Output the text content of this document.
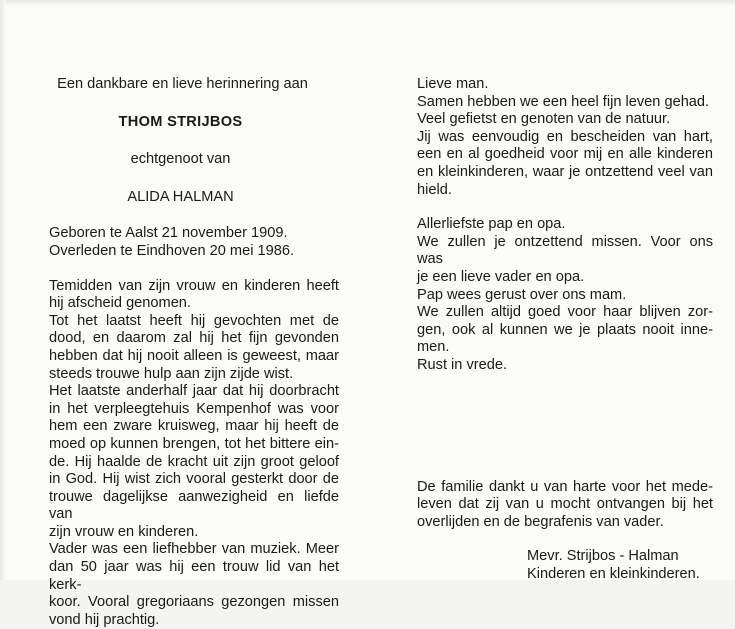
Een dankbare en lieve herinnering aan
THOM STRIJBOS
echtgenoot van
ALIDA HALMAN
Geboren te Aalst 21 november 1909.
Overleden te Eindhoven 20 mei 1986.
Temidden van zijn vrouw en kinderen heeft
hij afscheid genomen.
Tot het laatst heeft hij gevochten met de
dood, en daarom zal hij het fijn gevonden
hebben dat hij nooit alleen is geweest, maar
steeds trouwe hulp aan zijn zijde wist.
Het laatste anderhalf jaar dat hij doorbracht
in het verpleegtehuis Kempenhof was voor
hem een zware kruisweg, maar hij heeft de
moed op kunnen brengen, tot het bittere ein-
de. Hij haalde de kracht uit zijn groot geloof
in God. Hij wist zich vooral gesterkt door de
trouwe dagelijkse aanwezigheid en liefde van
zijn vrouw en kinderen.
Vader was een liefhebber van muziek. Meer
dan 50 jaar was hij een trouw lid van het kerk-
koor. Vooral gregoriaans gezongen missen
vond hij prachtig.
Lieve man.
Samen hebben we een heel fijn leven gehad.
Veel gefietst en genoten van de natuur.
Jij was eenvoudig en bescheiden van hart,
een en al goedheid voor mij en alle kinderen
en kleinkinderen, waar je ontzettend veel van
hield.
Allerliefste pap en opa.
We zullen je ontzettend missen. Voor ons was
je een lieve vader en opa.
Pap wees gerust over ons mam.
We zullen altijd goed voor haar blijven zor-
gen, ook al kunnen we je plaats nooit inne-
men.
Rust in vrede.
De familie dankt u van harte voor het mede-
leven dat zij van u mocht ontvangen bij het
overlijden en de begrafenis van vader.
Mevr. Strijbos - Halman
Kinderen en kleinkinderen.
